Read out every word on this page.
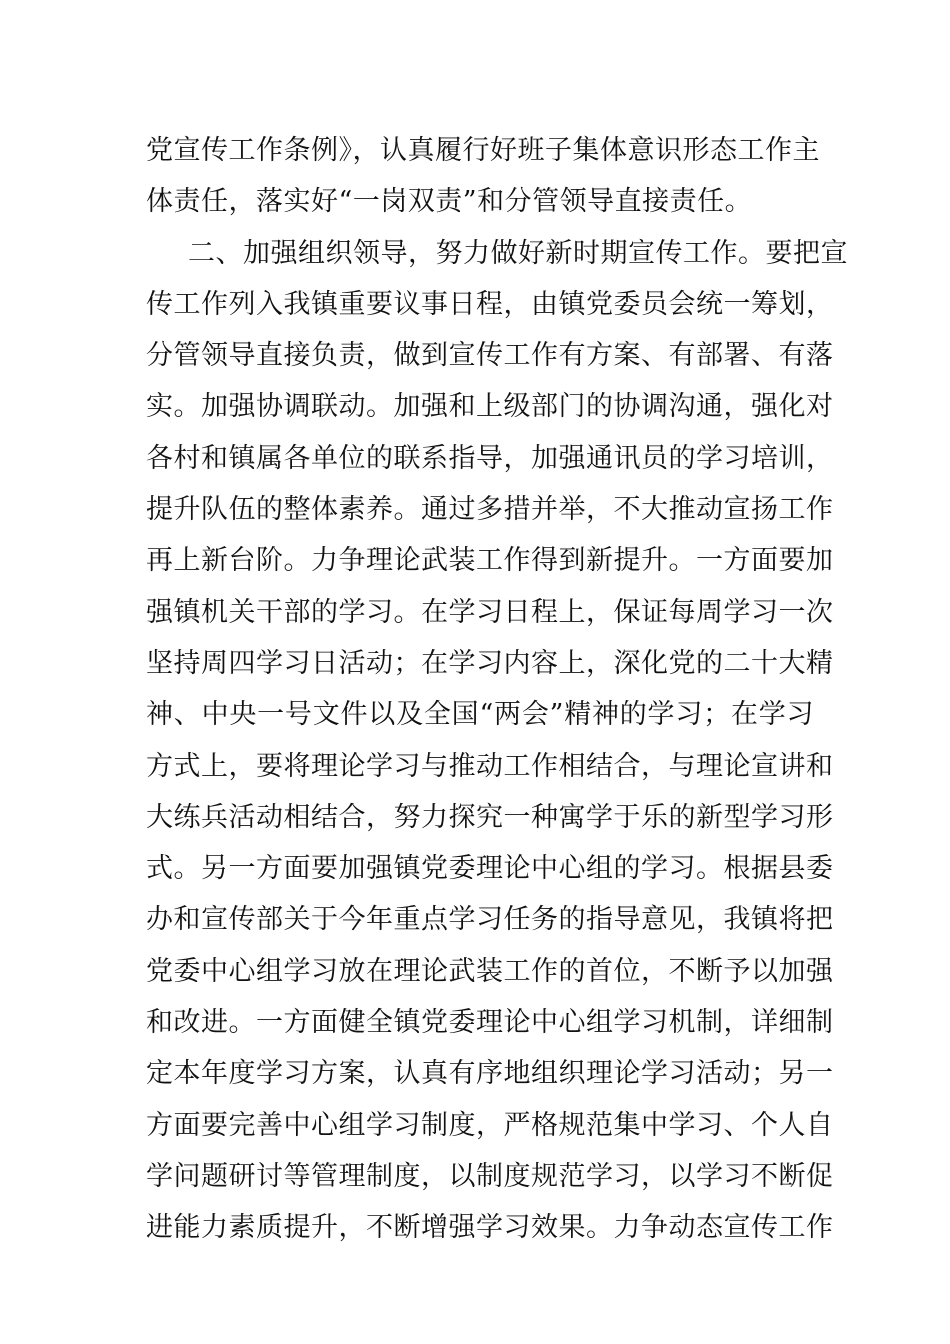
党宣传工作条例》，认真履行好班子集体意识形态工作主
体责任，落实好“一岗双责”和分管领导直接责任。
二、加强组织领导，努力做好新时期宣传工作。要把宣
传工作列入我镇重要议事日程，由镇党委员会统一筹划，
分管领导直接负责，做到宣传工作有方案、有部署、有落
实。加强协调联动。加强和上级部门的协调沟通，强化对
各村和镇属各单位的联系指导，加强通讯员的学习培训，
提升队伍的整体素养。通过多措并举，不大推动宣扬工作
再上新台阶。力争理论武装工作得到新提升。一方面要加
强镇机关干部的学习。在学习日程上，保证每周学习一次
坚持周四学习日活动；在学习内容上，深化党的二十大精
神、中央一号文件以及全国“两会”精神的学习；在学习
方式上，要将理论学习与推动工作相结合，与理论宣讲和
大练兵活动相结合，努力探究一种寓学于乐的新型学习形
式。另一方面要加强镇党委理论中心组的学习。根据县委
办和宣传部关于今年重点学习任务的指导意见，我镇将把
党委中心组学习放在理论武装工作的首位，不断予以加强
和改进。一方面健全镇党委理论中心组学习机制，详细制
定本年度学习方案，认真有序地组织理论学习活动；另一
方面要完善中心组学习制度，严格规范集中学习、个人自
学问题研讨等管理制度，以制度规范学习，以学习不断促
进能力素质提升，不断增强学习效果。力争动态宣传工作
